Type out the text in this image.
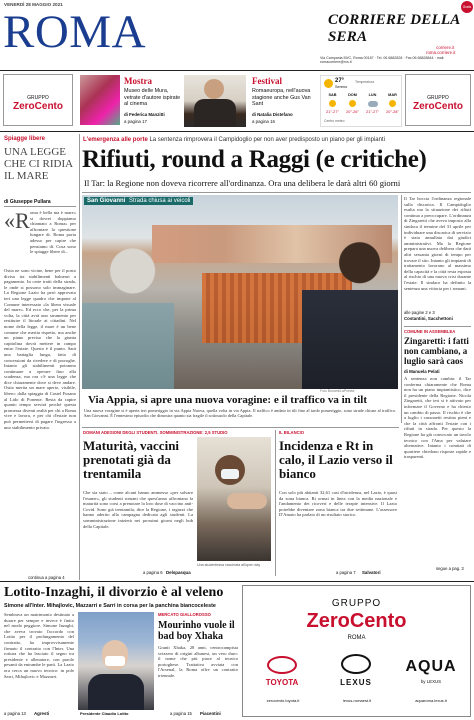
VENERDÌ 28 MAGGIO 2021
ROMA	CORRIERE DELLA SERA
corriere.it
roma.corriere.it
Via Campania 59/C, Roma 00187 · Tel. 06 6882828 · Fax 06 68828844 · mail: romacorriere@rcs.it
Gratis
GRUPPO
ZeroCento
Mostra
Museo delle Mura, vetrate d'autore ispirate al cinema
di Federica Manzitti
a pagina 17
Festival
Romaeuropa, nell'auova stagione anche Gus Van Sant
di Natalia Distefano
a pagina 16
27°
Sereno
Temperatura
SAB	DOM	LUN	MAR
21°-27°	20°-26°	21°-27°	20°-28°
Centro meteo
GRUPPO
ZeroCento
Spiagge libere
UNA LEGGE CHE CI RIDIA IL MARE
di Giuseppe Pullara
«R oma è bella ma è mare» si dovrei doppiamo chiamato a Roma» per affrontare la questione lungare di. Roma porta adesso per capire che pensiamo di. Cosa sono le spiagge libere di...
Ostia ne sono vicine, bene per il posto diviso tra stabilimenti balneari a pagamento. In certe tratti della strada, le onde si possono solo immaginare. La Regione Lazio ha però approvato ieri una legge quadro che impone al Comune interessato «la libera visuale del mare». Ed ecco che, per la prima volta, la città avrà uno strumento per restituire il litorale ai cittadini. Nel nome della legge, il mare è un bene comune che merita rispetto, ma anche un piano preciso che la giunta capitolina dovrà mettere in campo entro l'estate. Questo è il punto. Sarà una battaglia lunga, fatta di concessioni da rivedere e di proroghe. Intanto gli stabilimenti potranno continuare a operare fino alla scadenza, ma ora c'è una legge che dice chiaramente dove si deve andare. Ostia merita un mare aperto, visibile, libero: dalla spiaggia di Castel Fusano al Lido di Ponente. Resta da capire quanto tempo servirà perché questa promessa diventi realtà per chi a Roma vive e lavora, e per chi d'estate non può permettersi di pagare l'ingresso a uno stabilimento privato.
continua a pagina 4
L'emergenza alle porte La sentenza rimprovera il Campidoglio per non aver predisposto un piano per gli impianti
Rifiuti, round a Raggi (e critiche)
Il Tar: la Regione non doveva ricorrere all'ordinanza. Ora una delibera le darà altri 60 giorni
San Giovanni Strada chiusa ai veicoli
Via Appia, si apre una nuova voragine: e il traffico va in tilt
Una nuova voragine si è aperta ieri pomeriggio in via Appia Nuova, quella volta in via Appia. Il traffico è andato in tilt fino al tardo pomeriggio, sono strade chiuse al traffico. San Giovanni. È l'ennesimo episodio che dimostra quanto sia fragile il sottosuolo della Capitale.
Foto Bonomi/LaPresse
Il Tar boccia l'ordinanza regionale sulla discarica. Il Campidoglio esulta ma la situazione dei rifiuti continua a preoccupare. L'ordinanza di Zingaretti che aveva imposto alla sindaca il termine del 31 aprile per individuare una discarica di servizio è stata annullata dai giudici amministrativi. Ma la Regione prepara una nuova delibera che darà altri sessanta giorni di tempo per trovare il sito. Intanto gli impianti di trattamento lavorano al massimo della capacità e la città resta esposta al rischio di una nuova crisi durante l'estate. Il sindaco ha definito la sentenza una vittoria per i romani.
alle pagine 2 e 3
Costantini, Sacchettoni
COMUNE IN ASSEMBLEA
Zingaretti: i fatti non cambiano, a luglio sarà caos
di Manuela Pelati
A sentenza non cambia: il Tar conferma chiaramente che Roma non ha un piano impiantistico, dice il presidente della Regione. Nicola Zingaretti, che ieri si è attivato per informare il Governo e ha chiesto un cambio di passo. Il rischio è che a luglio i cassonetti restino pieni e che la città affronti l'estate con i rifiuti in strada. Per questo la Regione ha già convocato un tavolo tecnico con l'Ama per valutare alternative. Intanto i comitati di quartiere chiedono risposte rapide e trasparenti.
segue a pag. 3
DOMANI ADESIONI DEGLI STUDENTI. SOMMINISTRAZIONE: 2,5 STUDIO
Maturità, vaccini prenotati già da trentamila
Che sia stato – come alcuni hanno ammesso «per salvare l'esame», gli studenti romani che quest'anno affrontano la maturità sono corsi a prenotare la loro dose di vaccino anti-Covid. Sono già trentamila, dice la Regione, i ragazzi che hanno aderito alla campagna dedicata agli studenti. La somministrazione inizierà nei prossimi giorni negli hub della Capitale.
a pagina 6 Delspasqua
Una studentessa vaccinata all'open day
IL BILANCIO
Incidenza e Rt in calo, il Lazio verso il bianco
Con solo più abitanti 32,61 casi d'incidenza, nel Lazio, è quasi da zona bianca. Rt ormai in linea con la media nazionale e l'andamento dei ricoveri e delle terapie intensive. Il Lazio potrebbe diventare zona bianca tra due settimane. L'assessore D'Amato ha parlato di un risultato storico.
a pagina 7 Salvatori
Lotito-Inzaghi, il divorzio è al veleno
Simone all'Inter. Mihajlovic, Mazzarri e Sarri in corsa per la panchina biancoceleste
Sembrava un matrimonio destinato a durare per sempre e invece è finito nel modo peggiore. Simone Inzaghi, che aveva trovato l'accordo con Lotito per il prolungamento del contratto, ha improvvisamente firmato il contratto con l'Inter. Una rottura che ha lasciato il segno tra presidente e allenatore, con parole pesanti da entrambe le parti. La Lazio ora cerca un nuovo tecnico: in pole Sarri, Mihajlovic e Mazzarri.
a pagina 13 Agresti	Presidente Claudio Lotito
MERCATO GIALLOROSSO
Mourinho vuole il bad boy Xhaka
Granit Xhaka, 28 anni, centrocampista svizzero di origini albanesi, un vero duro: il nome che più piace al tecnico portoghese. Trattativa avviata con l'Arsenal, la Roma offre un contratto triennale.
a pagina 15 Piacentini
GRUPPO
ZeroCento
ROMA
TOYOTA
zerocento.toyota.it
LEXUS
lexus-romaest.it
AQUA
by LEXUS
aquaroma.lexus.it
